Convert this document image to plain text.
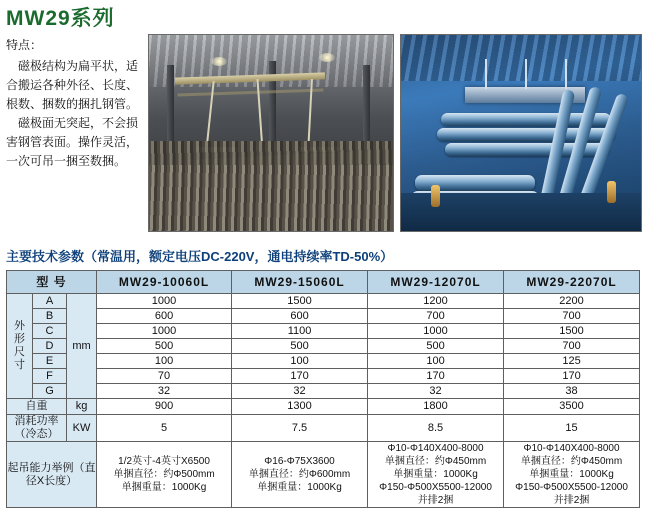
MW29系列
特点：

磁极结构为扁平状，适合搬运各种外径、长度、根数、捆数的捆扎钢管。

磁极面无突起，不会损害钢管表面。操作灵活，一次可吊一捆至数捆。

主要技术参数（常温用，额定电压DC-220V，通电持续率TD-50%）
型 号			MW29-10060L	MW29-15060L	MW29-12070L	MW29-22070L

外
形
尺
寸	A	mm	1000	1500	1200	2200
	B		600	600	700	700
	C		1000	1100	1000	1500
	D		500	500	500	700
	E		100	100	100	125
	F		70	170	170	170
	G		32	32	32	38
自重		kg	900	1300	1800	3500
消耗功率（冷态）		KW	5	7.5	8.5	15
起吊能力举例（直径X长度）	
1/2英寸-4英寸X6500
单捆直径：约Φ500mm
单捆重量：1000Kg

Φ16-Φ75X3600
单捆直径：约Φ600mm
单捆重量：1000Kg

Φ10-Φ140X400-8000
单捆直径：约Φ450mm
单捆重量：1000Kg
Φ150-Φ500X5500-12000
并排2捆

Φ10-Φ140X400-8000
单捆直径：约Φ450mm
单捆重量：1000Kg
Φ150-Φ500X5500-12000
并排2捆
